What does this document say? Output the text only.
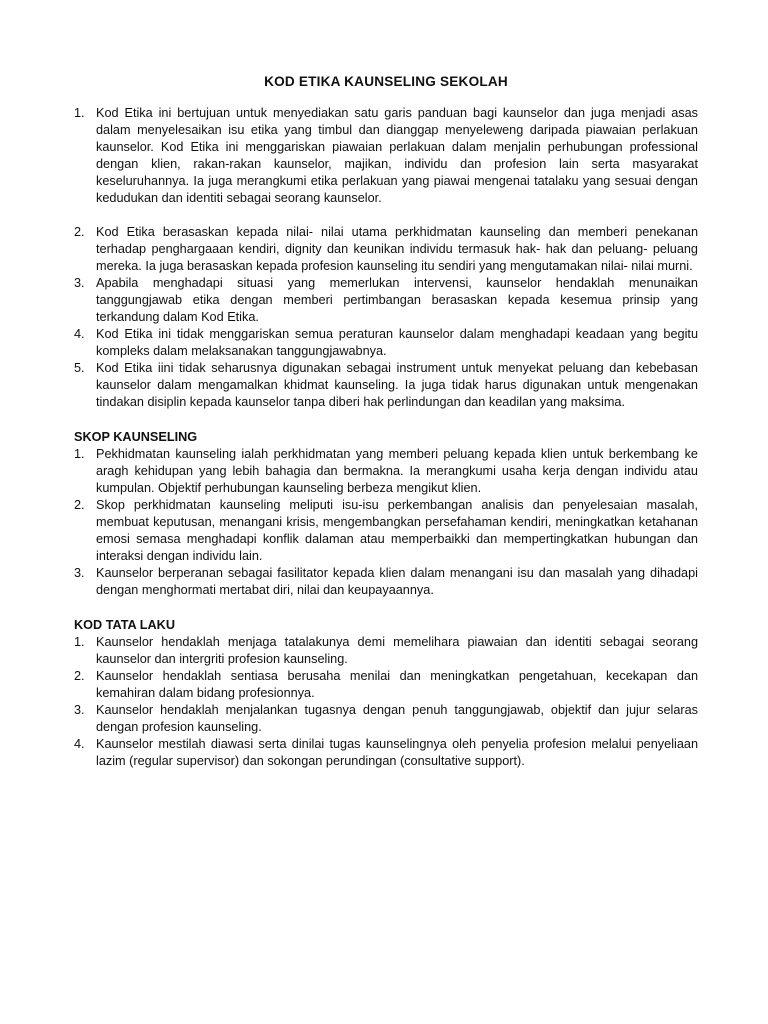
KOD ETIKA KAUNSELING SEKOLAH
1. Kod Etika ini bertujuan untuk menyediakan satu garis panduan bagi kaunselor dan juga menjadi asas dalam menyelesaikan isu etika yang timbul dan dianggap menyeleweng daripada piawaian perlakuan kaunselor. Kod Etika ini menggariskan piawaian perlakuan dalam menjalin perhubungan professional dengan klien, rakan-rakan kaunselor, majikan, individu dan profesion lain serta masyarakat keseluruhannya. Ia juga merangkumi etika perlakuan yang piawai mengenai tatalaku yang sesuai dengan kedudukan dan identiti sebagai seorang kaunselor.
2. Kod Etika berasaskan kepada nilai- nilai utama perkhidmatan kaunseling dan memberi penekanan terhadap penghargaaan kendiri, dignity dan keunikan individu termasuk hak- hak dan peluang- peluang mereka. Ia juga berasaskan kepada profesion kaunseling itu sendiri yang mengutamakan nilai- nilai murni.
3. Apabila menghadapi situasi yang memerlukan intervensi, kaunselor hendaklah menunaikan tanggungjawab etika dengan memberi pertimbangan berasaskan kepada kesemua prinsip yang terkandung dalam Kod Etika.
4. Kod Etika ini tidak menggariskan semua peraturan kaunselor dalam menghadapi keadaan yang begitu kompleks dalam melaksanakan tanggungjawabnya.
5. Kod Etika iini tidak seharusnya digunakan sebagai instrument untuk menyekat peluang dan kebebasan kaunselor dalam mengamalkan khidmat kaunseling. Ia juga tidak harus digunakan untuk mengenakan tindakan disiplin kepada kaunselor tanpa diberi hak perlindungan dan keadilan yang maksima.
SKOP KAUNSELING
1. Pekhidmatan kaunseling ialah perkhidmatan yang memberi peluang kepada klien untuk berkembang ke aragh kehidupan yang lebih bahagia dan bermakna. Ia merangkumi usaha kerja dengan individu atau kumpulan. Objektif perhubungan kaunseling berbeza mengikut klien.
2. Skop perkhidmatan kaunseling meliputi isu-isu perkembangan analisis dan penyelesaian masalah, membuat keputusan, menangani krisis, mengembangkan persefahaman kendiri, meningkatkan ketahanan emosi semasa menghadapi konflik dalaman atau memperbaikki dan mempertingkatkan hubungan dan interaksi dengan individu lain.
3. Kaunselor berperanan sebagai fasilitator kepada klien dalam menangani isu dan masalah yang dihadapi dengan menghormati mertabat diri, nilai dan keupayaannya.
KOD TATA LAKU
1. Kaunselor hendaklah menjaga tatalakunya demi memelihara piawaian dan identiti sebagai seorang kaunselor dan intergriti profesion kaunseling.
2. Kaunselor hendaklah sentiasa berusaha menilai dan meningkatkan pengetahuan, kecekapan dan kemahiran dalam bidang profesionnya.
3. Kaunselor hendaklah menjalankan tugasnya dengan penuh tanggungjawab, objektif dan jujur selaras dengan profesion kaunseling.
4. Kaunselor mestilah diawasi serta dinilai tugas kaunselingnya oleh penyelia profesion melalui penyeliaan lazim (regular supervisor) dan sokongan perundingan (consultative support).
